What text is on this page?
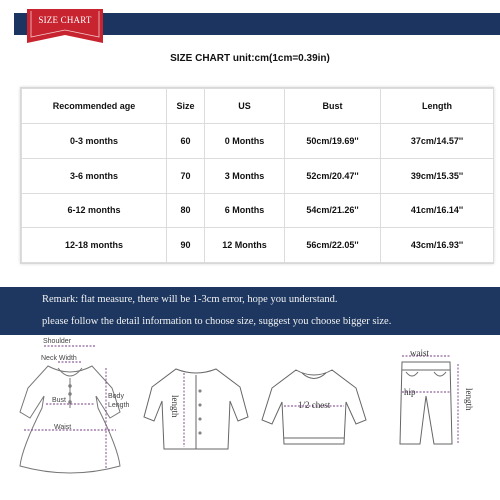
SIZE CHART
SIZE CHART unit:cm(1cm=0.39in)
Recommended age	Size	US	Bust	Length
0-3 months	60	0 Months	50cm/19.69''	37cm/14.57''
3-6 months	70	3 Months	52cm/20.47''	39cm/15.35''
6-12 months	80	6 Months	54cm/21.26''	41cm/16.14''
12-18 months	90	12 Months	56cm/22.05''	43cm/16.93''
Remark: flat measure, there will be 1-3cm error, hope you understand.
please follow the detail information to choose size, suggest you choose bigger size.
Shoulder
Neck Width
Bust
Waist
Body
Length	length	1/2 chest
waist
hip	length
